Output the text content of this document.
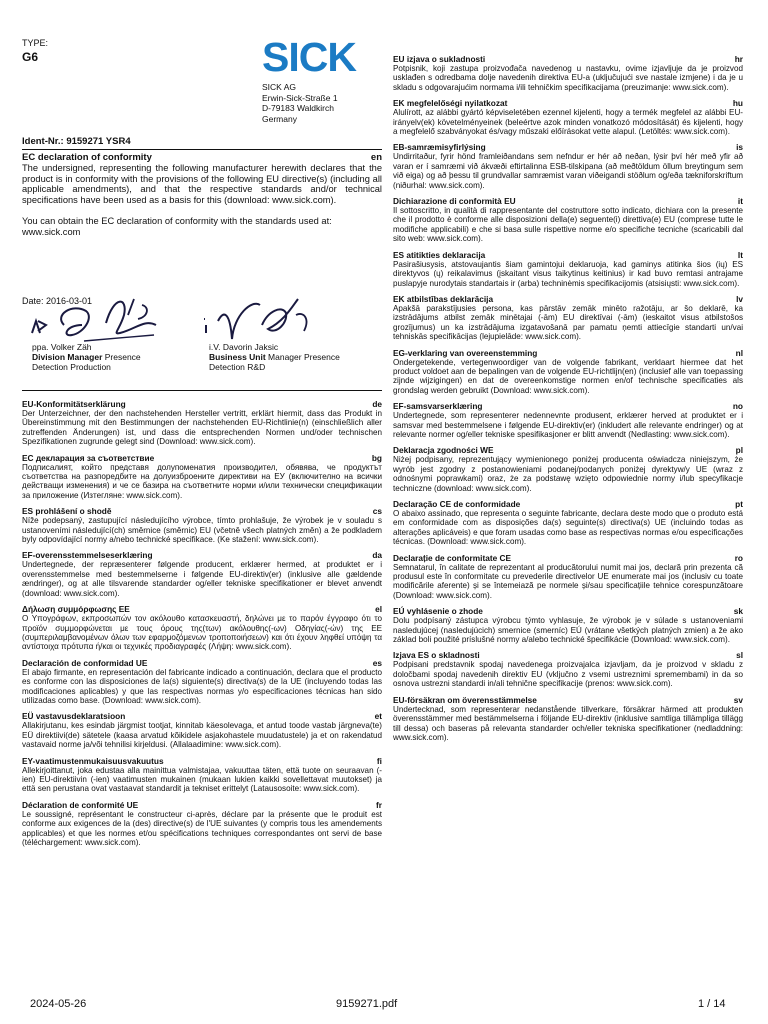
TYPE:
G6	SICK
SICK AG
Erwin-Sick-Straße 1
D-79183 Waldkirch
Germany
Ident-Nr.: 9159271 YSR4
EC declaration of conformity	en
The undersigned, representing the following manufacturer herewith declares that the product is in conformity with the provisions of the following EU directive(s) (including all applicable amendments), and that the respective standards and/or technical specifications have been used as a basis for this (download: www.sick.com).
You can obtain the EC declaration of conformity with the standards used at: www.sick.com
Date: 2016-03-01
ppa. Volker Zäh
Division Manager Presence
Detection Production
i.V. Davorin Jaksic
Business Unit Manager Presence
Detection R&D
EU-Konformitätserklärung	de
Der Unterzeichner, der den nachstehenden Hersteller vertritt, erklärt hiermit, dass das Produkt in Übereinstimmung mit den Bestimmungen der nachstehenden EU-Richtlinie(n) (einschließlich aller zutreffenden Änderungen) ist, und dass die entsprechenden Normen und/oder technischen Spezifikationen zugrunde gelegt sind (Download: www.sick.com).
ЕС декларация за съответствие	bg
Подписалият, който представя долупоменатия производител, обявява, че продуктът съответства на разпоредбите на долуизброените директиви на ЕУ (включително на всички действащи изменения) и че се базира на съответните норми и/или технически спецификации за приложение (Изтегляне: www.sick.com).
ES prohlášení o shodě	cs
Níže podepsaný, zastupující následujícího výrobce, tímto prohlašuje, že výrobek je v souladu s ustanoveními následující(ch) směrnice (směrnic) EU (včetně všech platných změn) a že podkladem byly odpovídající normy a/nebo technické specifikace. (Ke stažení: www.sick.com).
EF-overensstemmelseserklæring	da
Undertegnede, der repræsenterer følgende producent, erklærer hermed, at produktet er i overensstemmelse med bestemmelserne i følgende EU-direktiv(er) (inklusive alle gældende ændringer), og at alle tilsvarende standarder og/eller tekniske specifikationer er blevet anvendt (download: www.sick.com).
Δήλωση συμμόρφωσης ΕΕ	el
Ο Υπογράφων, εκπροσωπών τον ακόλουθο κατασκευαστή, δηλώνει με το παρόν έγγραφο ότι το προϊόν συμμορφώνεται με τους όρους της(των) ακόλουθης(-ων) Οδηγίας(-ών) της ΕΕ (συμπεριλαμβανομένων όλων των εφαρμοζόμενων τροποποιήσεων) και ότι έχουν ληφθεί υπόψη τα αντίστοιχα πρότυπα ή/και οι τεχνικές προδιαγραφές (Λήψη: www.sick.com).
Declaración de conformidad UE	es
El abajo firmante, en representación del fabricante indicado a continuación, declara que el producto es conforme con las disposiciones de la(s) siguiente(s) directiva(s) de la UE (incluyendo todas las modificaciones aplicables) y que las respectivas normas y/o especificaciones técnicas han sido utilizadas como base. (Download: www.sick.com).
EÜ vastavusdeklaratsioon	et
Allakirjutanu, kes esindab järgmist tootjat, kinnitab käesolevaga, et antud toode vastab järgneva(te) EÜ direktiivi(de) sätetele (kaasa arvatud kõikidele asjakohastele muudatustele) ja et on rakendatud vastavaid norme ja/või tehnilisi kirjeldusi. (Allalaadimine: www.sick.com).
EY-vaatimustenmukaisuusvakuutus	fi
Allekirjoittanut, joka edustaa alla mainittua valmistajaa, vakuuttaa täten, että tuote on seuraavan (-ien) EU-direktiivin (-ien) vaatimusten mukainen (mukaan lukien kaikki sovellettavat muutokset) ja että sen perustana ovat vastaavat standardit ja tekniset erittelyt (Latausosoite: www.sick.com).
Déclaration de conformité UE	fr
Le soussigné, représentant le constructeur ci-après, déclare par la présente que le produit est conforme aux exigences de la (des) directive(s) de l'UE suivantes (y compris tous les amendements applicables) et que les normes et/ou spécifications techniques correspondantes ont servi de base (téléchargement: www.sick.com).
EU izjava o sukladnosti	hr
Potpisnik, koji zastupa proizvođača navedenog u nastavku, ovime izjavljuje da je proizvod usklađen s odredbama dolje navedenih direktiva EU-a (uključujući sve nastale izmjene) i da je u skladu s odgovarajućim normama i/ili tehničkim specifikacijama (preuzimanje: www.sick.com).
EK megfelelőségi nyilatkozat	hu
Alulírott, az alábbi gyártó képviseletében ezennel kijelenti, hogy a termék megfelel az alábbi EU-irányelv(ek) követelményeinek (beleértve azok minden vonatkozó módosítását) és kijelenti, hogy a megfelelő szabványokat és/vagy műszaki előírásokat vette alapul. (Letöltés: www.sick.com).
EB-samræmisyfirlýsing	is
Undirritaður, fyrir hönd framleiðandans sem nefndur er hér að neðan, lýsir því hér með yfir að varan er í samræmi við ákvæði eftirtalinna ESB-tilskipana (að meðtöldum öllum breytingum sem við eiga) og að þessu til grundvallar samræmist varan viðeigandi stöðlum og/eða tækniforskriftum (niðurhal: www.sick.com).
Dichiarazione di conformità EU	it
Il sottoscritto, in qualità di rappresentante del costruttore sotto indicato, dichiara con la presente che il prodotto è conforme alle disposizioni della(e) seguente(i) direttiva(e) EU (comprese tutte le modifiche applicabili) e che si basa sulle rispettive norme e/o specifiche tecniche (scaricabili dal sito web: www.sick.com).
ES atitikties deklaracija	lt
Pasirašiusysis, atstovaujantis šiam gamintojui deklaruoja, kad gaminys atitinka šios (ių) ES direktyvos (ų) reikalavimus (įskaitant visus taikytinus keitinius) ir kad buvo remtasi antrajame puslapyje nurodytais standartais ir (arba) techninėmis specifikacijomis (atsisiųsti: www.sick.com).
EK atbilstības deklarācija	lv
Apakšā parakstījusies persona, kas pārstāv zemāk minēto ražotāju, ar šo deklarē, ka izstrādājums atbilst zemāk minētajai (-ām) EU direktīvai (-ām) (ieskaitot visus atbilstošos grozījumus) un ka izstrādājuma izgatavošanā par pamatu ņemti attiecīgie standarti un/vai tehniskās specifikācijas (lejupielāde: www.sick.com).
EG-verklaring van overeenstemming	nl
Ondergetekende, vertegenwoordiger van de volgende fabrikant, verklaart hiermee dat het product voldoet aan de bepalingen van de volgende EU-richtlijn(en) (inclusief alle van toepassing zijnde wijzigingen) en dat de overeenkomstige normen en/of technische specificaties als grondslag werden gebruikt (Download: www.sick.com).
EF-samsvarserklæring	no
Undertegnede, som representerer nedennevnte produsent, erklærer herved at produktet er i samsvar med bestemmelsene i følgende EU-direktiv(er) (inkludert alle relevante endringer) og at relevante normer og/eller tekniske spesifikasjoner er blitt anvendt (Nedlasting: www.sick.com).
Deklaracja zgodności WE	pl
Niżej podpisany, reprezentujący wymienionego poniżej producenta oświadcza niniejszym, że wyrób jest zgodny z postanowieniami podanej/podanych poniżej dyrektyw/y UE (wraz z odnośnymi poprawkami) oraz, że za podstawę wzięto odpowiednie normy i/lub specyfikacje techniczne (download: www.sick.com).
Declaração CE de conformidade	pt
O abaixo assinado, que representa o seguinte fabricante, declara deste modo que o produto está em conformidade com as disposições da(s) seguinte(s) directiva(s) UE (incluindo todas as alterações aplicáveis) e que foram usadas como base as respectivas normas e/ou especificações técnicas. (Download: www.sick.com).
Declarație de conformitate CE	ro
Semnatarul, în calitate de reprezentant al producătorului numit mai jos, declară prin prezenta că produsul este în conformitate cu prevederile directivelor UE enumerate mai jos (inclusiv cu toate modificările aferente) și se întemeiază pe normele și/sau specificațiile tehnice corespunzătoare (Download: www.sick.com).
EÚ vyhlásenie o zhode	sk
Dolu podpísaný zástupca výrobcu týmto vyhlasuje, že výrobok je v súlade s ustanoveniami nasledujúcej (nasledujúcich) smernice (smerníc) EÚ (vrátane všetkých platných zmien) a že ako základ boli použité príslušné normy a/alebo technické špecifikácie (Download: www.sick.com).
Izjava ES o skladnosti	sl
Podpisani predstavnik spodaj navedenega proizvajalca izjavljam, da je proizvod v skladu z določbami spodaj navedenih direktiv EU (vključno z vsemi ustreznimi spremembami) in da so osnova ustrezni standardi in/ali tehnične specifikacije (prenos: www.sick.com).
EU-försäkran om överensstämmelse	sv
Undertecknad, som representerar nedanstående tillverkare, försäkrar härmed att produkten överensstämmer med bestämmelserna i följande EU-direktiv (inklusive samtliga tillämpliga tillägg till dessa) och baseras på relevanta standarder och/eller tekniska specifikationer (nedladdning: www.sick.com).
2024-05-26	9159271.pdf	1 / 14
